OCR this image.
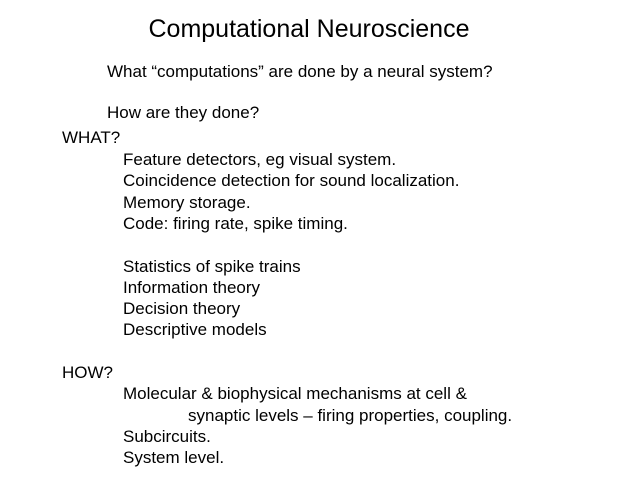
Computational Neuroscience
What “computations” are done by a neural system?
How are they done?
WHAT?
Feature detectors, eg visual system.
Coincidence detection for sound localization.
Memory storage.
Code: firing rate, spike timing.
Statistics of spike trains
Information theory
Decision theory
Descriptive models
HOW?
Molecular & biophysical mechanisms at cell &
synaptic levels – firing properties, coupling.
Subcircuits.
System level.
